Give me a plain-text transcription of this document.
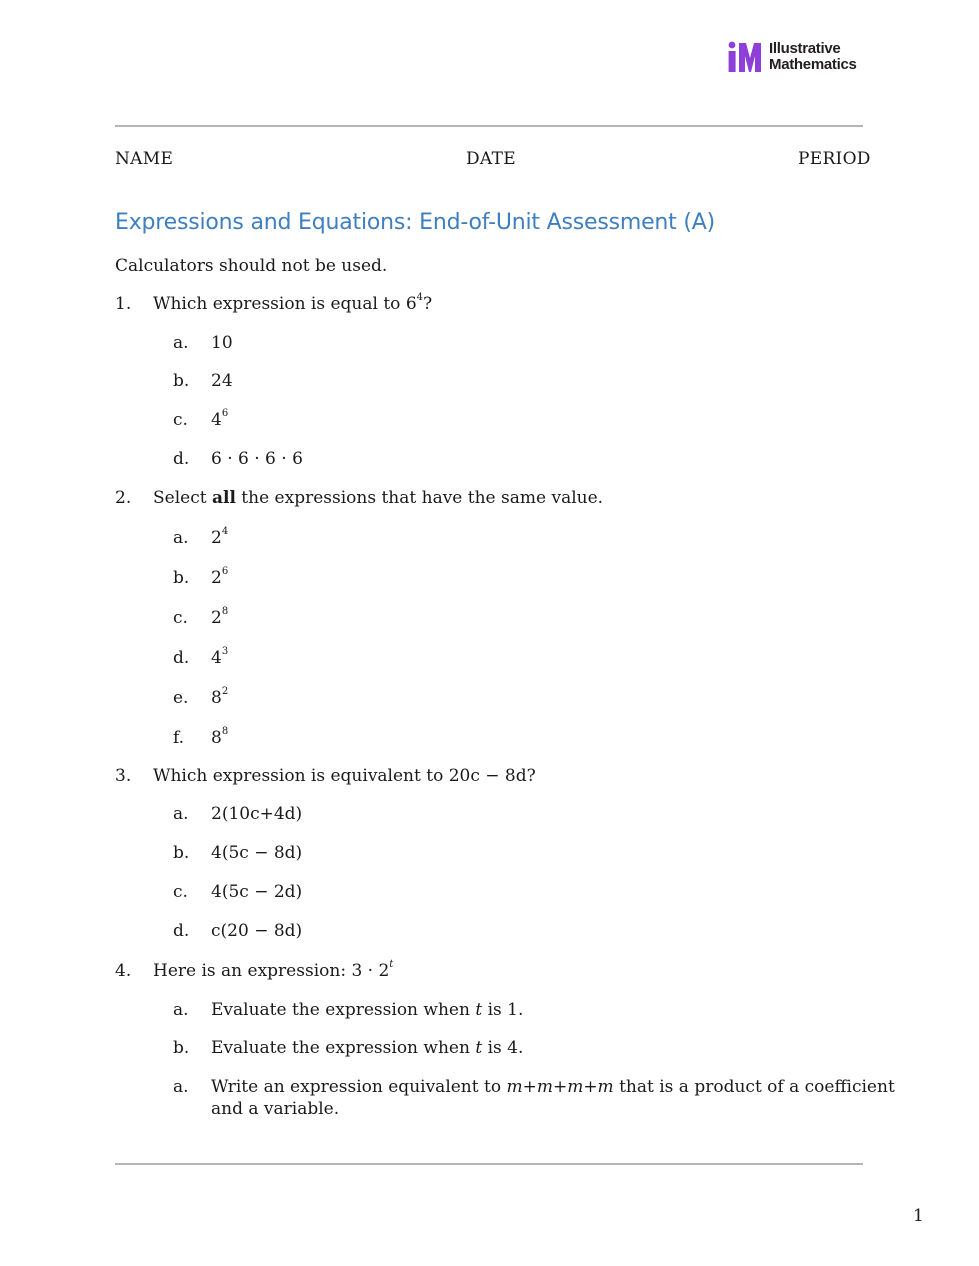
Illustrative
Mathematics
NAME	DATE	PERIOD
Expressions and Equations: End-of-Unit Assessment (A)
Calculators should not be used.
1. Which expression is equal to $6^4$?
a. 10
b. 24
c. $4^6$
d. 6 · 6 · 6 · 6
2. Select all the expressions that have the same value.
a. $2^4$
b. $2^6$
c. $2^8$
d. $4^3$
e. $8^2$
f. $8^8$
3. Which expression is equivalent to 20c − 8d?
a. 2(10c+4d)
b. 4(5c − 8d)
c. 4(5c − 2d)
d. c(20 − 8d)
4. Here is an expression: $3 \cdot 2^t$
a. Evaluate the expression when t is 1.
b. Evaluate the expression when t is 4.
a. Write an expression equivalent to m+m+m+m that is a product of a coefficient
and a variable.
1
